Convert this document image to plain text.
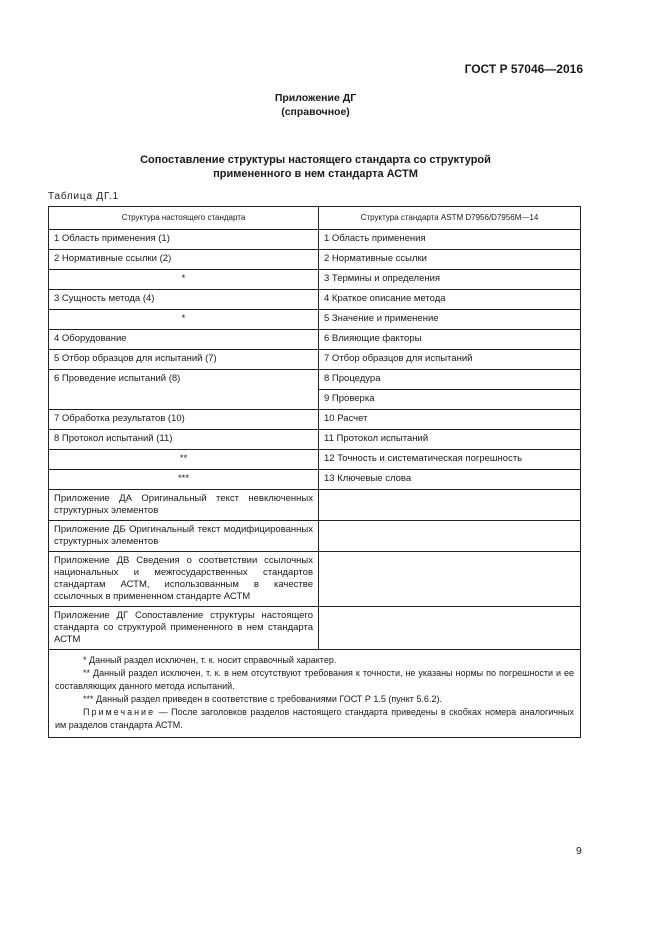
ГОСТ Р 57046—2016
Приложение ДГ
(справочное)
Сопоставление структуры настоящего стандарта со структурой
примененного в нем стандарта АСТМ
Таблица ДГ.1
Структура настоящего стандарта	Структура стандарта ASTM D7956/D7956M—14
1 Область применения (1)	1 Область применения
2 Нормативные ссылки (2)	2 Нормативные ссылки
*	3 Термины и определения
3 Сущность метода (4)	4 Краткое описание метода
*	5 Значение и применение
4 Оборудование	6 Влияющие факторы
5 Отбор образцов для испытаний (7)	7 Отбор образцов для испытаний
6 Проведение испытаний (8)	8 Процедура
	9 Проверка
7 Обработка результатов (10)	10 Расчет
8 Протокол испытаний (11)	11 Протокол испытаний
**	12 Точность и систематическая погрешность
***	13 Ключевые слова
Приложение ДА Оригинальный текст невключенных структурных элементов	
Приложение ДБ Оригинальный текст модифицированных структурных элементов	
Приложение ДВ Сведения о соответствии ссылочных национальных и межгосударственных стандартов стандартам АСТМ, использованным в качестве ссылочных в примененном стандарте АСТМ	
Приложение ДГ Сопоставление структуры настоящего стандарта со структурой примененного в нем стандарта АСТМ	

* Данный раздел исключен, т. к. носит справочный характер.
** Данный раздел исключен, т. к. в нем отсутствуют требования к точности, не указаны нормы по погрешности и ее составляющих данного метода испытаний.
*** Данный раздел приведен в соответствие с требованиями ГОСТ Р 1.5 (пункт 5.6.2).
Примечание — После заголовков разделов настоящего стандарта приведены в скобках номера аналогичных им разделов стандарта АСТМ.	
9
